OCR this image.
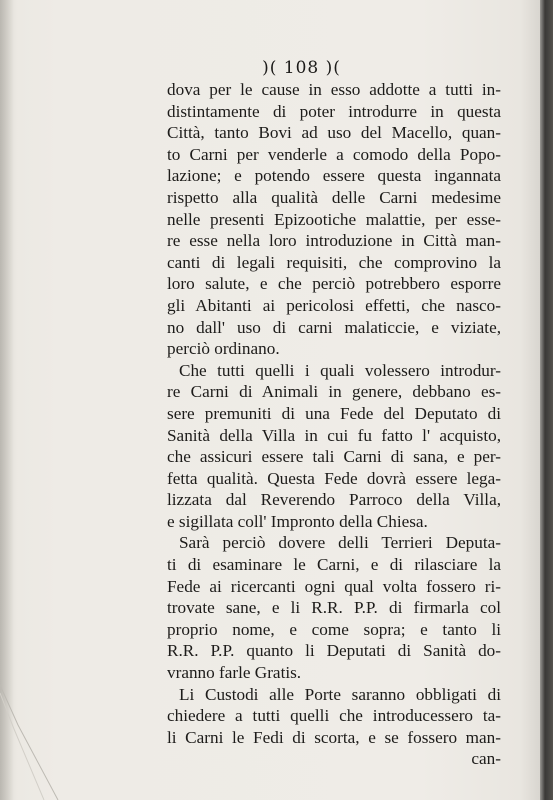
)( 108 )(
dova per le cause in esso addotte a tutti in-
distintamente di poter introdurre in questa
Città, tanto Bovi ad uso del Macello, quan-
to Carni per venderle a comodo della Popo-
lazione; e potendo essere questa ingannata
rispetto alla qualità delle Carni medesime
nelle presenti Epizootiche malattie, per esse-
re esse nella loro introduzione in Città man-
canti di legali requisiti, che comprovino la
loro salute, e che perciò potrebbero esporre
gli Abitanti ai pericolosi effetti, che nasco-
no dall' uso di carni malaticcie, e viziate,
perciò ordinano.
Che tutti quelli i quali volessero introdur-
re Carni di Animali in genere, debbano es-
sere premuniti di una Fede del Deputato di
Sanità della Villa in cui fu fatto l' acquisto,
che assicuri essere tali Carni di sana, e per-
fetta qualità. Questa Fede dovrà essere lega-
lizzata dal Reverendo Parroco della Villa,
e sigillata coll' Impronto della Chiesa.
Sarà perciò dovere delli Terrieri Deputa-
ti di esaminare le Carni, e di rilasciare la
Fede ai ricercanti ogni qual volta fossero ri-
trovate sane, e li R.R. P.P. di firmarla col
proprio nome, e come sopra; e tanto li
R.R. P.P. quanto li Deputati di Sanità do-
vranno farle Gratis.
Li Custodi alle Porte saranno obbligati di
chiedere a tutti quelli che introducessero ta-
li Carni le Fedi di scorta, e se fossero man-
can-
